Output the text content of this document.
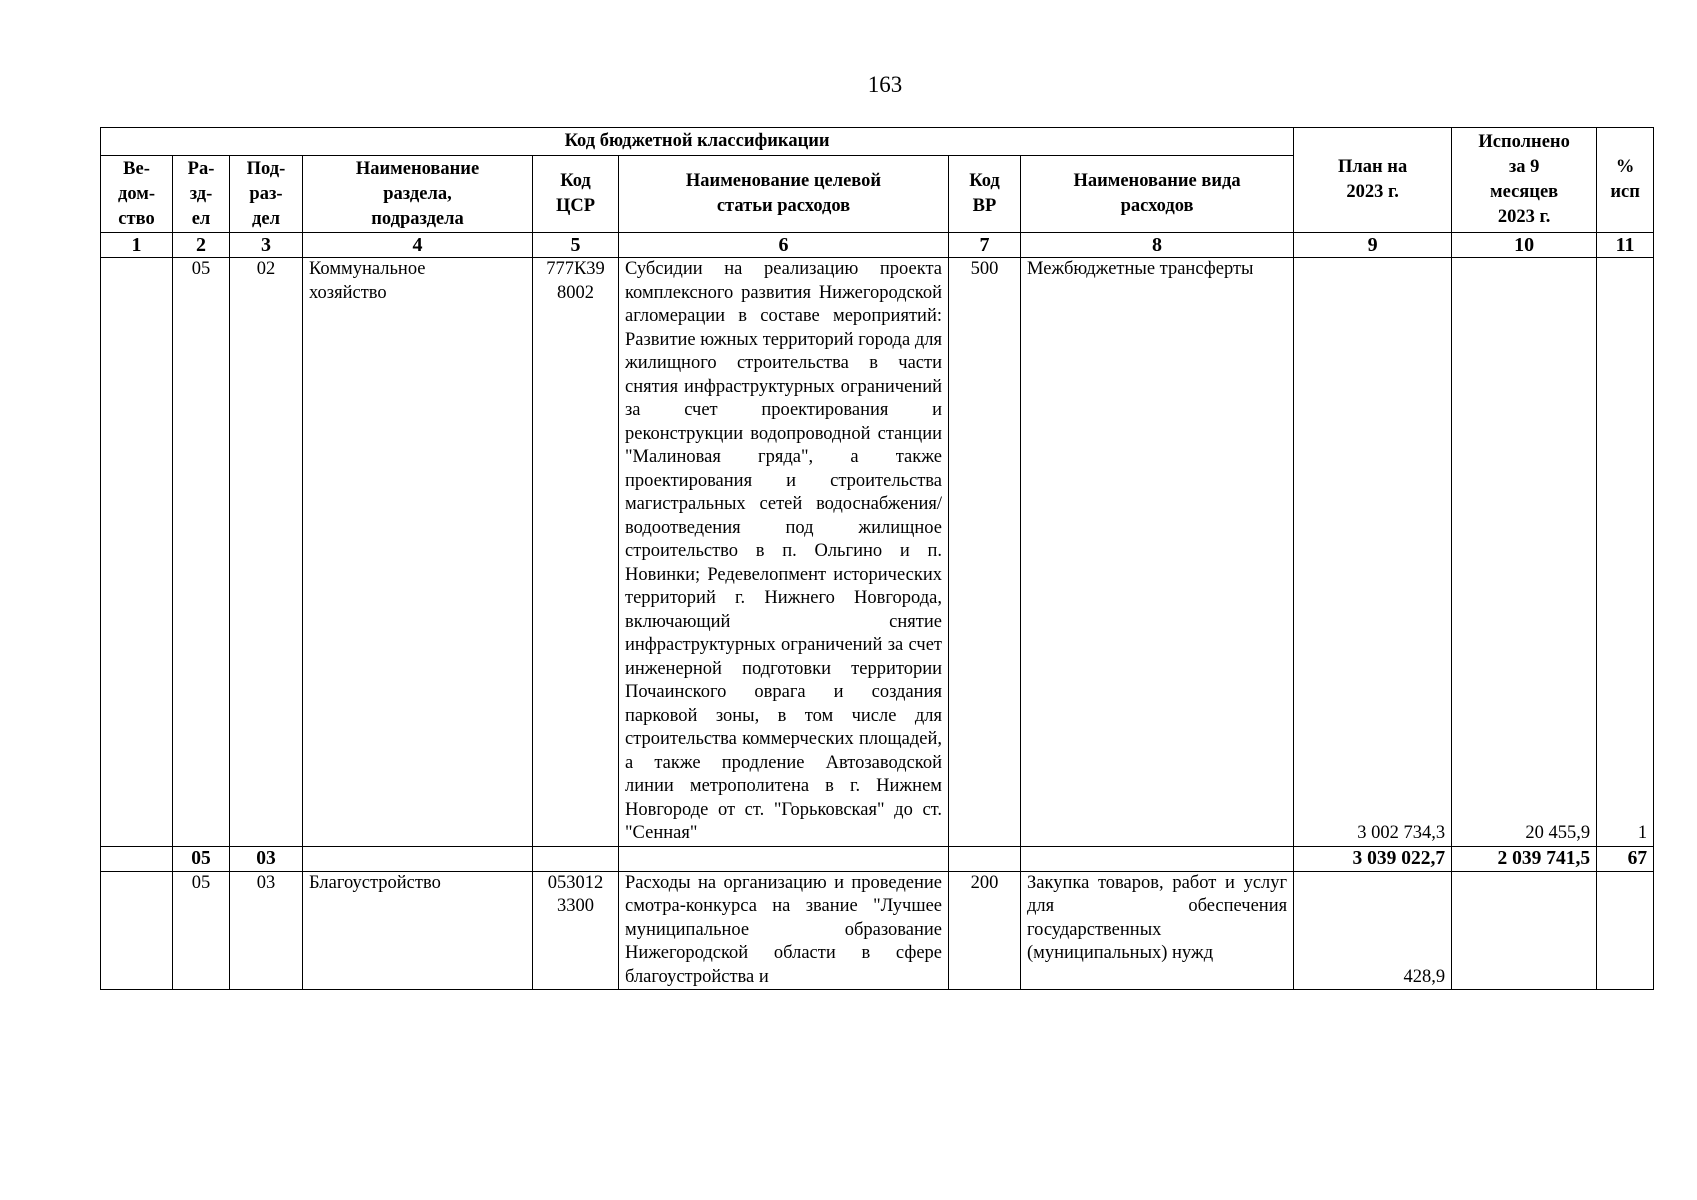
163
Код бюджетной классификации								План на
2023 г.	Исполнено
за 9
месяцев
2023 г.	%
исп
Ве-
дом-
ство	Ра-
зд-
ел	Под-
раз-
дел	Наименование
раздела,
подраздела	Код
ЦСР	Наименование целевой
статьи расходов	Код
ВР	Наименование вида
расходов			
1	2	3	4	5	6	7	8	9	10	11
	05	02	Коммунальное
хозяйство	777К39
8002	Субсидии на реализацию проекта комплексного развития Нижегородской агломерации в составе мероприятий: Развитие южных территорий города для жилищного строительства в части снятия инфраструктурных ограничений за счет проектирования и реконструкции водопроводной станции "Малиновая гряда", а также проектирования и строительства магистральных сетей водоснабжения/водоотведения под жилищное строительство в п. Ольгино и п. Новинки; Редевелопмент исторических территорий г. Нижнего Новгорода, включающий снятие инфраструктурных ограничений за счет инженерной подготовки территории Почаинского оврага и создания парковой зоны, в том числе для строительства коммерческих площадей, а также продление Автозаводской линии метрополитена в г. Нижнем Новгороде от ст. "Горьковская" до ст. "Сенная"	500	Межбюджетные трансферты	3 002 734,3	20 455,9	1
	05	03						3 039 022,7	2 039 741,5	67
	05	03	Благоустройство	053012
3300	Расходы на организацию и проведение смотра-конкурса на звание "Лучшее муниципальное образование Нижегородской области в сфере благоустройства и	200	Закупка товаров, работ и услуг для обеспечения государственных (муниципальных) нужд	428,9		
